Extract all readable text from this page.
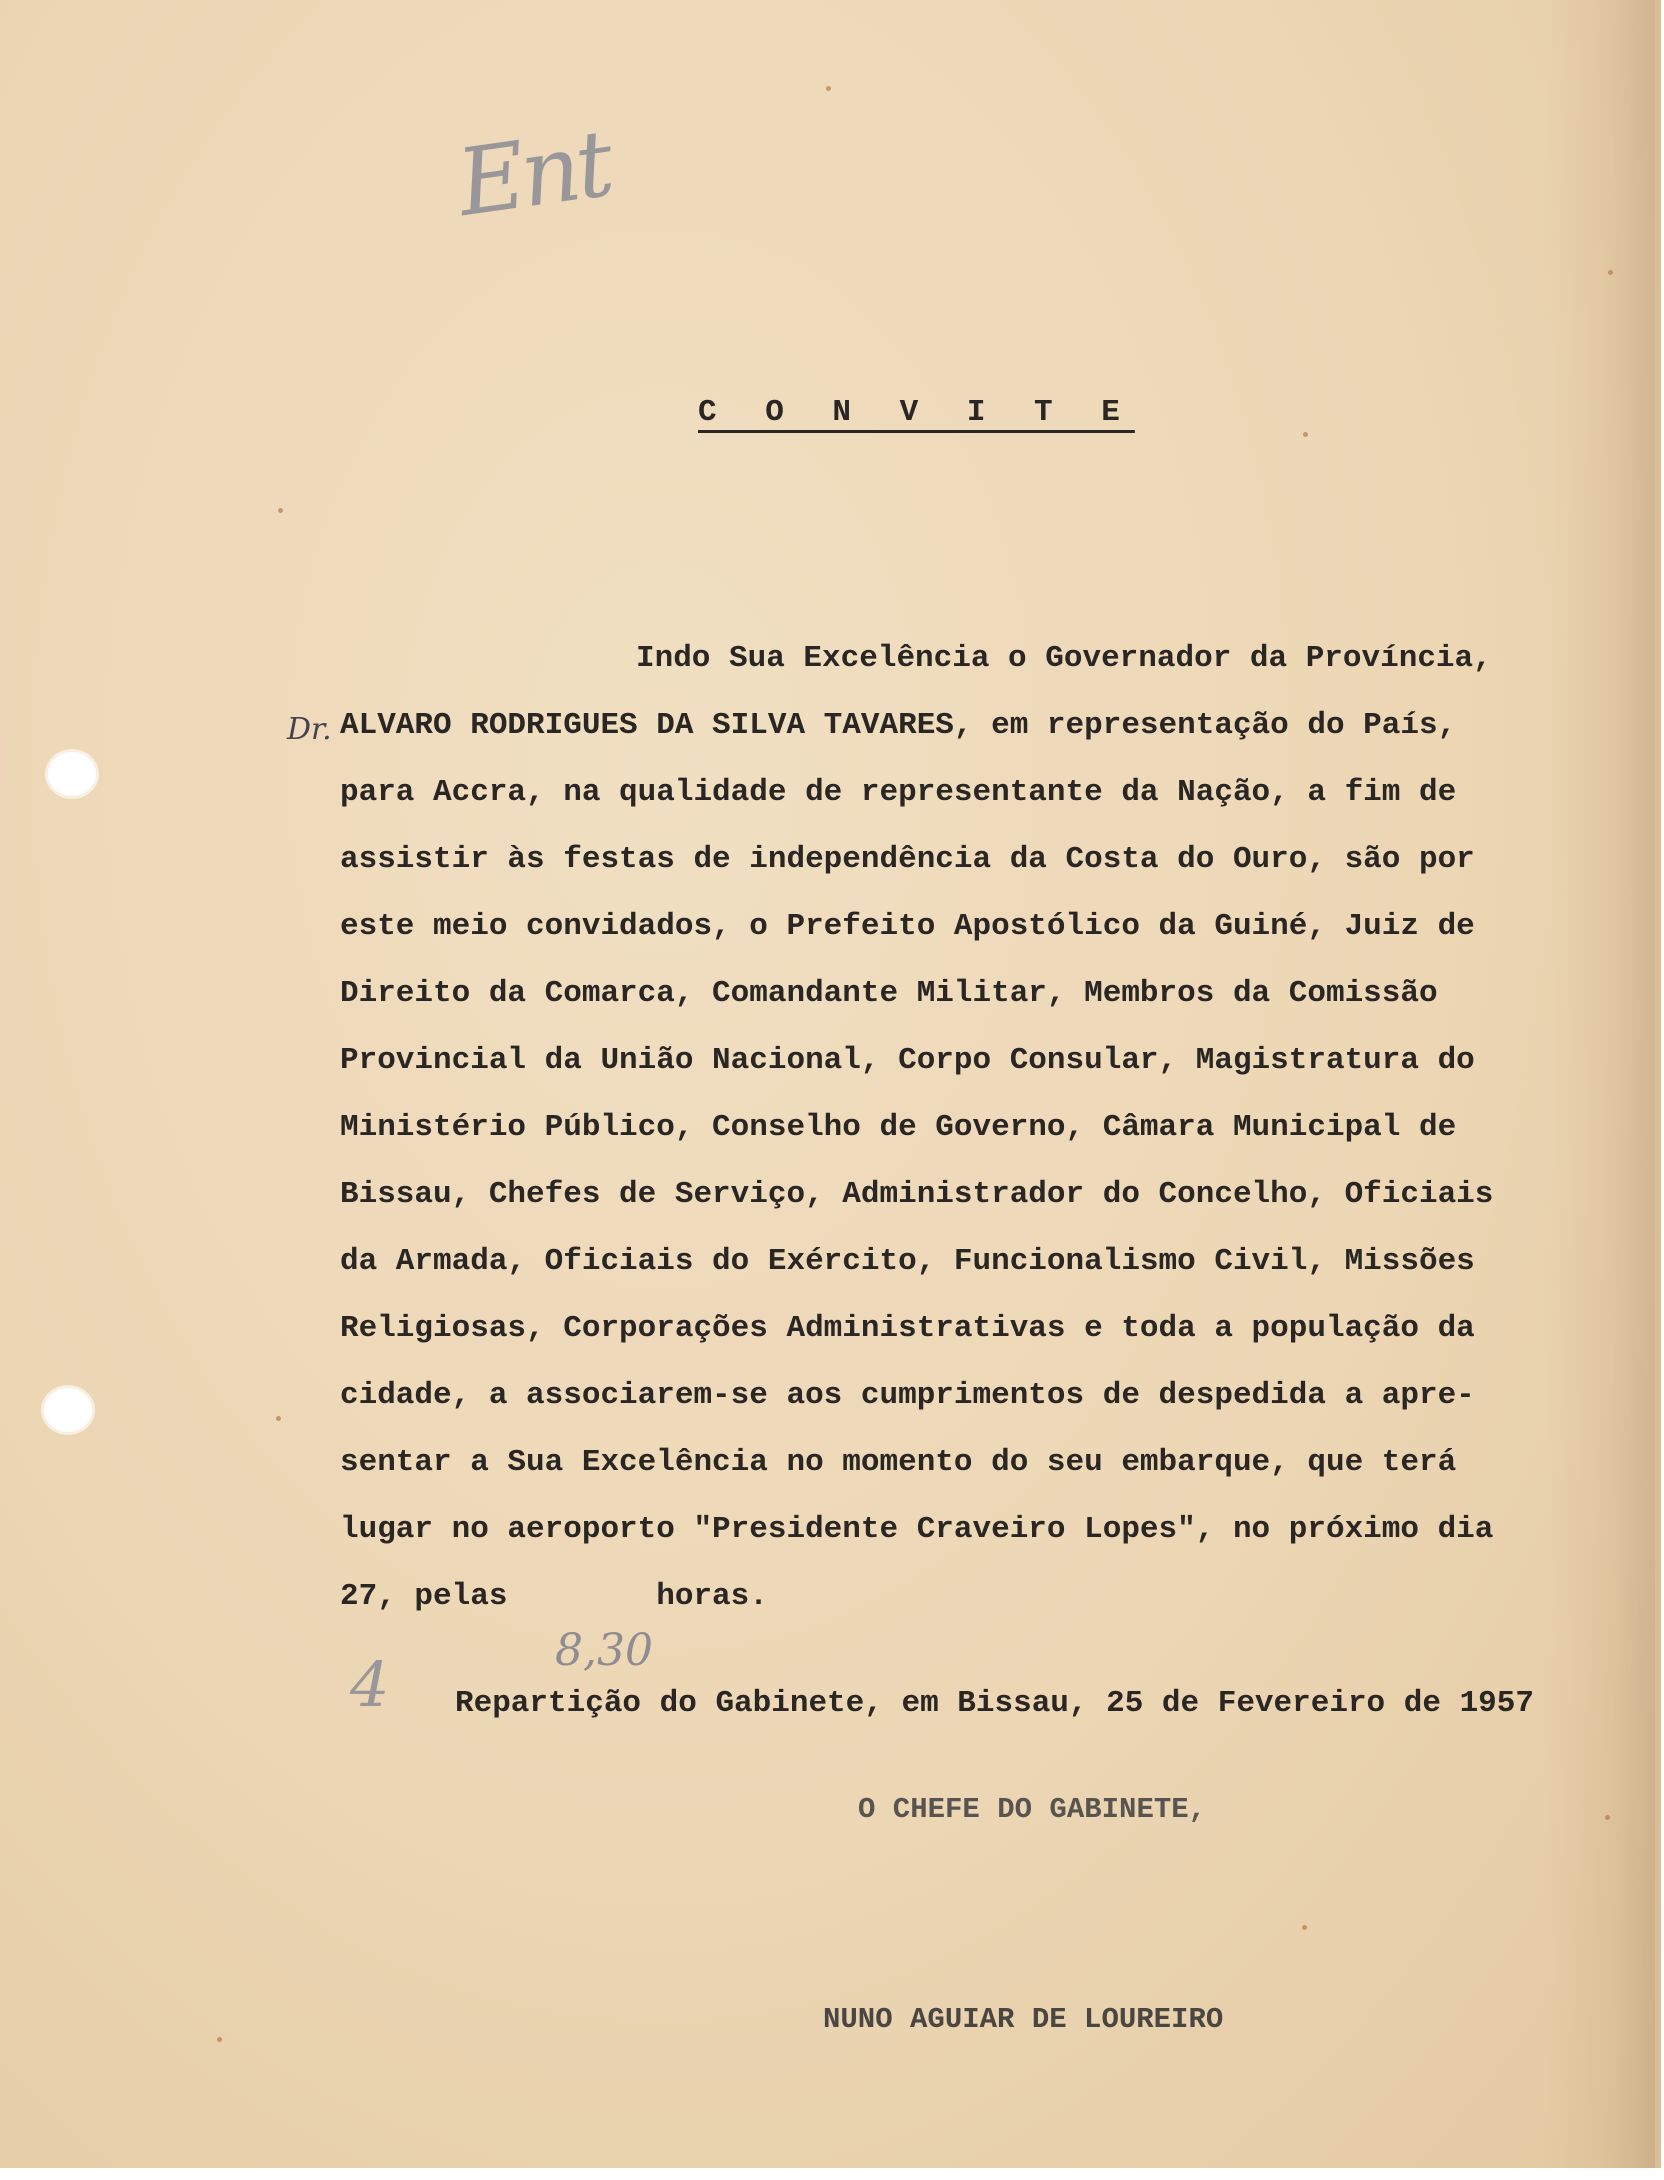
Ent
Dr.
8,30
4
C O N V I T E
Indo Sua Excelência o Governador da Província,
ALVARO RODRIGUES DA SILVA TAVARES, em representação do País,
para Accra, na qualidade de representante da Nação, a fim de
assistir às festas de independência da Costa do Ouro, são por
este meio convidados, o Prefeito Apostólico da Guiné, Juiz de
Direito da Comarca, Comandante Militar, Membros da Comissão
Provincial da União Nacional, Corpo Consular, Magistratura do
Ministério Público, Conselho de Governo, Câmara Municipal de
Bissau, Chefes de Serviço, Administrador do Concelho, Oficiais
da Armada, Oficiais do Exército, Funcionalismo Civil, Missões
Religiosas, Corporações Administrativas e toda a população da
cidade, a associarem-se aos cumprimentos de despedida a apre-
sentar a Sua Excelência no momento do seu embarque, que terá
lugar no aeroporto "Presidente Craveiro Lopes", no próximo dia
27, pelas        horas.
Repartição do Gabinete, em Bissau, 25 de Fevereiro de 1957
O CHEFE DO GABINETE,
NUNO AGUIAR DE LOUREIRO
